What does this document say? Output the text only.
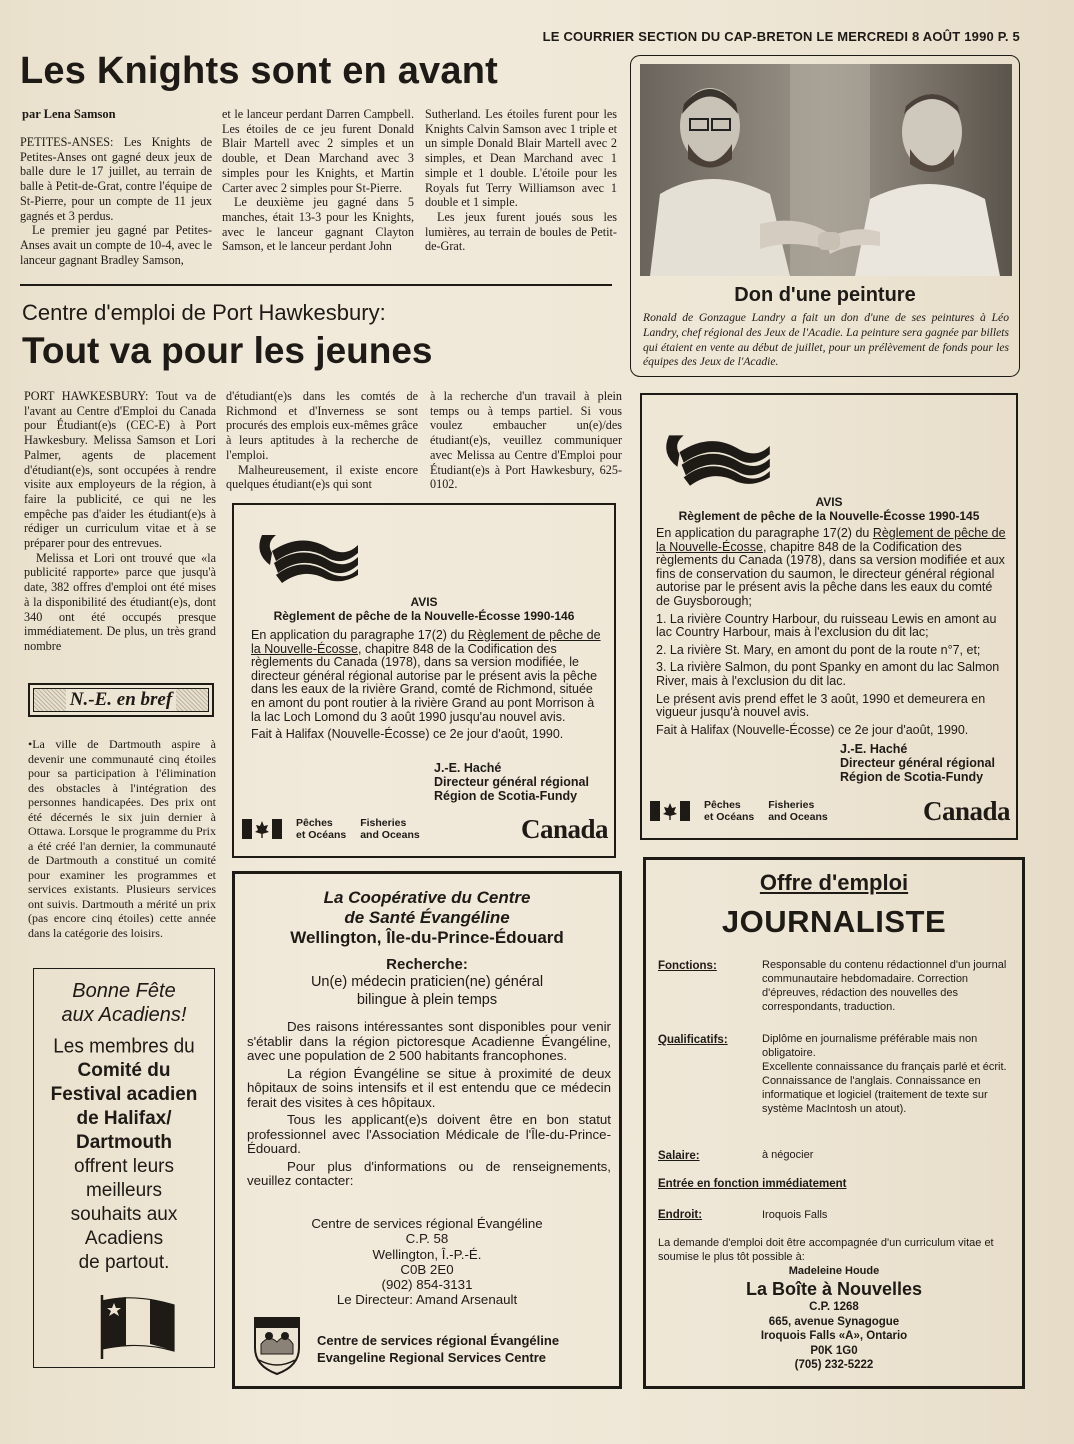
LE COURRIER SECTION DU CAP-BRETON LE MERCREDI 8 AOÛT 1990 P. 5
Les Knights sont en avant
par Lena Samson

PETITES-ANSES: Les Knights de Petites-Anses ont gagné deux jeux de balle dure le 17 juillet, au terrain de balle à Petit-de-Grat, contre l'équipe de St-Pierre, pour un compte de 11 jeux gagnés et 3 perdus.

Le premier jeu gagné par Petites-Anses avait un compte de 10-4, avec le lanceur gagnant Bradley Samson,

et le lanceur perdant Darren Campbell. Les étoiles de ce jeu furent Donald Blair Martell avec 2 simples et un double, et Dean Marchand avec 3 simples pour les Knights, et Martin Carter avec 2 simples pour St-Pierre.

Le deuxième jeu gagné dans 5 manches, était 13-3 pour les Knights, avec le lanceur gagnant Clayton Samson, et le lanceur perdant John

Sutherland. Les étoiles furent pour les Knights Calvin Samson avec 1 triple et un simple Donald Blair Martell avec 2 simples, et Dean Marchand avec 1 simple et 1 double. L'étoile pour les Royals fut Terry Williamson avec 1 double et 1 simple.

Les jeux furent joués sous les lumières, au terrain de boules de Petit-de-Grat.

Don d'une peinture
Ronald de Gonzague Landry a fait un don d'une de ses peintures à Léo Landry, chef régional des Jeux de l'Acadie. La peinture sera gagnée par billets qui étaient en vente au début de juillet, pour un prélèvement de fonds pour les équipes des Jeux de l'Acadie.
Centre d'emploi de Port Hawkesbury:
Tout va pour les jeunes

PORT HAWKESBURY: Tout va de l'avant au Centre d'Emploi du Canada pour Étudiant(e)s (CEC-E) à Port Hawkesbury. Melissa Samson et Lori Palmer, agents de placement d'étudiant(e)s, sont occupées à rendre visite aux employeurs de la région, à faire la publicité, ce qui ne les empêche pas d'aider les étudiant(e)s à rédiger un curriculum vitae et à se préparer pour des entrevues.

Melissa et Lori ont trouvé que «la publicité rapporte» parce que jusqu'à date, 382 offres d'emploi ont été mises à la disponibilité des étudiant(e)s, dont 340 ont été occupés presque immédiatement. De plus, un très grand nombre

d'étudiant(e)s dans les comtés de Richmond et d'Inverness se sont procurés des emplois eux-mêmes grâce à leurs aptitudes à la recherche de l'emploi.

Malheureusement, il existe encore quelques étudiant(e)s qui sont

à la recherche d'un travail à plein temps ou à temps partiel. Si vous voulez embaucher un(e)/des étudiant(e)s, veuillez communiquer avec Melissa au Centre d'Emploi pour Étudiant(e)s à Port Hawkesbury, 625-0102.

N.-E. en bref
•La ville de Dartmouth aspire à devenir une communauté cinq étoiles pour sa participation à l'élimination des obstacles à l'intégration des personnes handicapées. Des prix ont été décernés le six juin dernier à Ottawa. Lorsque le programme du Prix a été créé l'an dernier, la communauté de Dartmouth a constitué un comité pour examiner les programmes et services existants. Plusieurs services ont suivis. Dartmouth a mérité un prix (pas encore cinq étoiles) cette année dans la catégorie des loisirs.
Bonne Fête
aux Acadiens!
Les membres du
Comité du
Festival acadien
de Halifax/
Dartmouth
offrent leurs
meilleurs
souhaits aux
Acadiens
de partout.
AVIS
Règlement de pêche de la Nouvelle-Écosse 1990-146
En application du paragraphe 17(2) du Règlement de pêche de la Nouvelle-Écosse, chapitre 848 de la Codification des règlements du Canada (1978), dans sa version modifiée, le directeur général régional autorise par le présent avis la pêche dans les eaux de la rivière Grand, comté de Richmond, située en amont du pont routier à la rivière Grand au pont Morrison à la lac Loch Lomond du 3 août 1990 jusqu'au nouvel avis.
Fait à Halifax (Nouvelle-Écosse) ce 2e jour d'août, 1990.
J.-E. Haché
Directeur général régional
Région de Scotia-Fundy
Pêches
et Océans
Fisheries
and Oceans	Canada
AVIS
Règlement de pêche de la Nouvelle-Écosse 1990-145
En application du paragraphe 17(2) du Règlement de pêche de la Nouvelle-Écosse, chapitre 848 de la Codification des règlements du Canada (1978), dans sa version modifiée et aux fins de conservation du saumon, le directeur général régional autorise par le présent avis la pêche dans les eaux du comté de Guysborough;
1. La rivière Country Harbour, du ruisseau Lewis en amont au lac Country Harbour, mais à l'exclusion du dit lac;
2. La rivière St. Mary, en amont du pont de la route n°7, et;
3. La rivière Salmon, du pont Spanky en amont du lac Salmon River, mais à l'exclusion du dit lac.
Le présent avis prend effet le 3 août, 1990 et demeurera en vigueur jusqu'à nouvel avis.
Fait à Halifax (Nouvelle-Écosse) ce 2e jour d'août, 1990.
J.-E. Haché
Directeur général régional
Région de Scotia-Fundy
Pêches
et Océans
Fisheries
and Oceans	Canada
La Coopérative du Centre
de Santé Évangéline
Wellington, Île-du-Prince-Édouard
Recherche:
Un(e) médecin praticien(ne) général
bilingue à plein temps

Des raisons intéressantes sont disponibles pour venir s'établir dans la région pictoresque Acadienne Évangéline, avec une population de 2 500 habitants francophones.

La région Évangéline se situe à proximité de deux hôpitaux de soins intensifs et il est entendu que ce médecin ferait des visites à ces hôpitaux.

Tous les applicant(e)s doivent être en bon statut professionnel avec l'Association Médicale de l'Île-du-Prince-Édouard.

Pour plus d'informations ou de renseignements, veuillez contacter:

Centre de services régional Évangéline
C.P. 58
Wellington, Î.-P.-É.
C0B 2E0
(902) 854-3131
Le Directeur: Amand Arsenault
Centre de services régional Évangéline
Evangeline Regional Services Centre
Offre d'emploi
JOURNALISTE
Fonctions:	Responsable du contenu rédactionnel d'un journal communautaire hebdomadaire. Correction d'épreuves, rédaction des nouvelles des correspondants, traduction.
Qualificatifs:	Diplôme en journalisme préférable mais non obligatoire.
Excellente connaissance du français parlé et écrit. Connaissance de l'anglais. Connaissance en informatique et logiciel (traitement de texte sur système MacIntosh un atout).
Salaire:	à négocier
Entrée en fonction immédiatement
Endroit:	Iroquois Falls
La demande d'emploi doit être accompagnée d'un curriculum vitae et soumise le plus tôt possible à:
Madeleine Houde
La Boîte à Nouvelles
C.P. 1268
665, avenue Synagogue
Iroquois Falls «A», Ontario
P0K 1G0
(705) 232-5222
